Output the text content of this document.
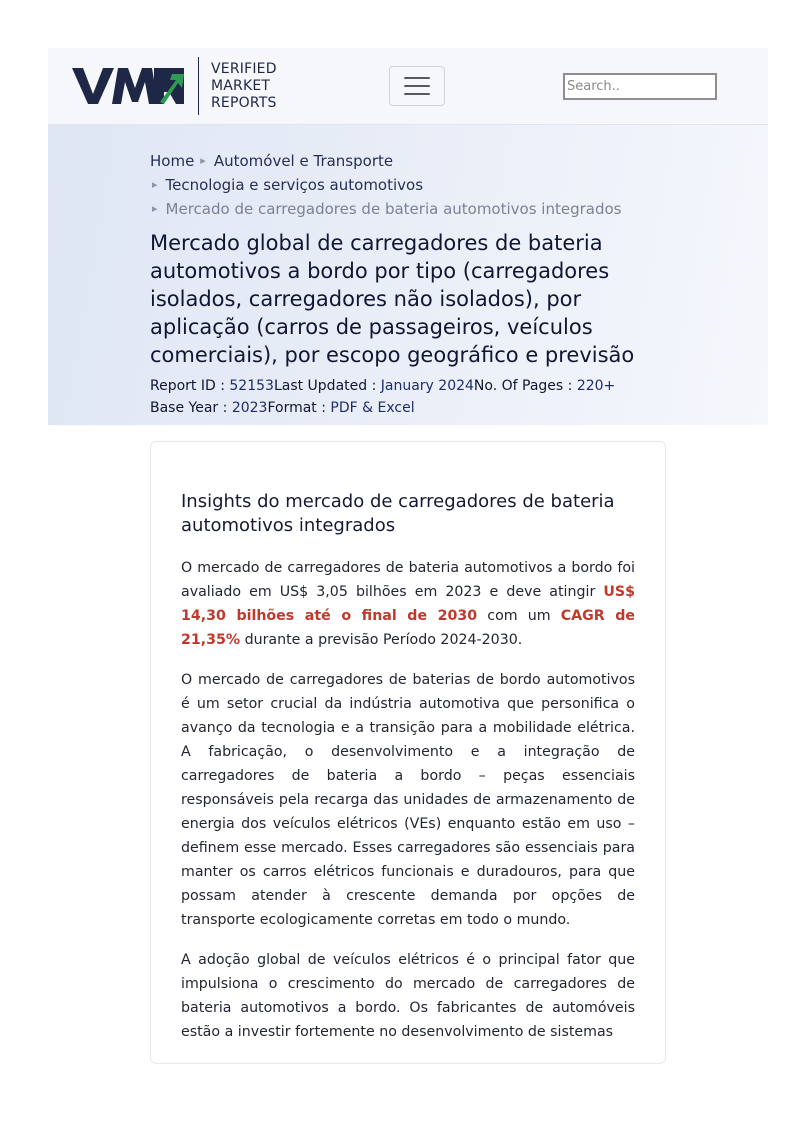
VERIFIED
MARKET
REPORTS
Search..
Home ▸ Automóvel e Transporte
▸ Tecnologia e serviços automotivos
▸ Mercado de carregadores de bateria automotivos integrados
Mercado global de carregadores de bateria automotivos a bordo por tipo (carregadores isolados, carregadores não isolados), por aplicação (carros de passageiros, veículos comerciais), por escopo geográfico e previsão
Report ID : 52153Last Updated : January 2024No. Of Pages : 220+
Base Year : 2023Format : PDF & Excel
Insights do mercado de carregadores de bateria automotivos integrados

O mercado de carregadores de bateria automotivos a bordo foi avaliado em US$ 3,05 bilhões em 2023 e deve atingir US$ 14,30 bilhões até o final de 2030 com um CAGR de 21,35% durante a previsão Período 2024-2030.

O mercado de carregadores de baterias de bordo automotivos é um setor crucial da indústria automotiva que personifica o avanço da tecnologia e a transição para a mobilidade elétrica. A fabricação, o desenvolvimento e a integração de carregadores de bateria a bordo – peças essenciais responsáveis pela recarga das unidades de armazenamento de energia dos veículos elétricos (VEs) enquanto estão em uso – definem esse mercado. Esses carregadores são essenciais para manter os carros elétricos funcionais e duradouros, para que possam atender à crescente demanda por opções de transporte ecologicamente corretas em todo o mundo.

A adoção global de veículos elétricos é o principal fator que impulsiona o crescimento do mercado de carregadores de bateria automotivos a bordo. Os fabricantes de automóveis estão a investir fortemente no desenvolvimento de sistemas
